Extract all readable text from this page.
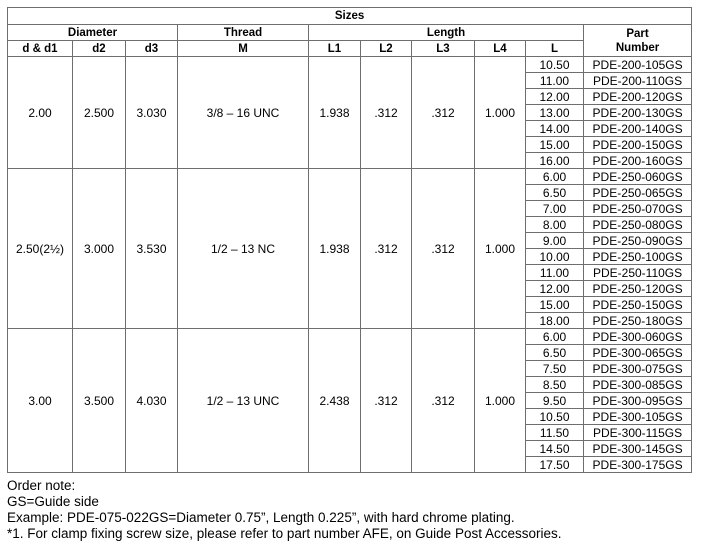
Sizes									
Diameter			Thread	Length					Part
Number
d & d1	d2	d3	M	L1	L2	L3	L4	L	
2.00	2.500	3.030	3/8 – 16 UNC	1.938	.312	.312	1.000	10.50	PDE-200-105GS
								11.00	PDE-200-110GS
								12.00	PDE-200-120GS
								13.00	PDE-200-130GS
								14.00	PDE-200-140GS
								15.00	PDE-200-150GS
								16.00	PDE-200-160GS
2.50(2½)	3.000	3.530	1/2 – 13 NC	1.938	.312	.312	1.000	6.00	PDE-250-060GS
								6.50	PDE-250-065GS
								7.00	PDE-250-070GS
								8.00	PDE-250-080GS
								9.00	PDE-250-090GS
								10.00	PDE-250-100GS
								11.00	PDE-250-110GS
								12.00	PDE-250-120GS
								15.00	PDE-250-150GS
								18.00	PDE-250-180GS
3.00	3.500	4.030	1/2 – 13 UNC	2.438	.312	.312	1.000	6.00	PDE-300-060GS
								6.50	PDE-300-065GS
								7.50	PDE-300-075GS
								8.50	PDE-300-085GS
								9.50	PDE-300-095GS
								10.50	PDE-300-105GS
								11.50	PDE-300-115GS
								14.50	PDE-300-145GS
								17.50	PDE-300-175GS
Order note:
GS=Guide side
Example: PDE-075-022GS=Diameter 0.75”, Length 0.225”, with hard chrome plating.
*1. For clamp fixing screw size, please refer to part number AFE, on Guide Post Accessories.
